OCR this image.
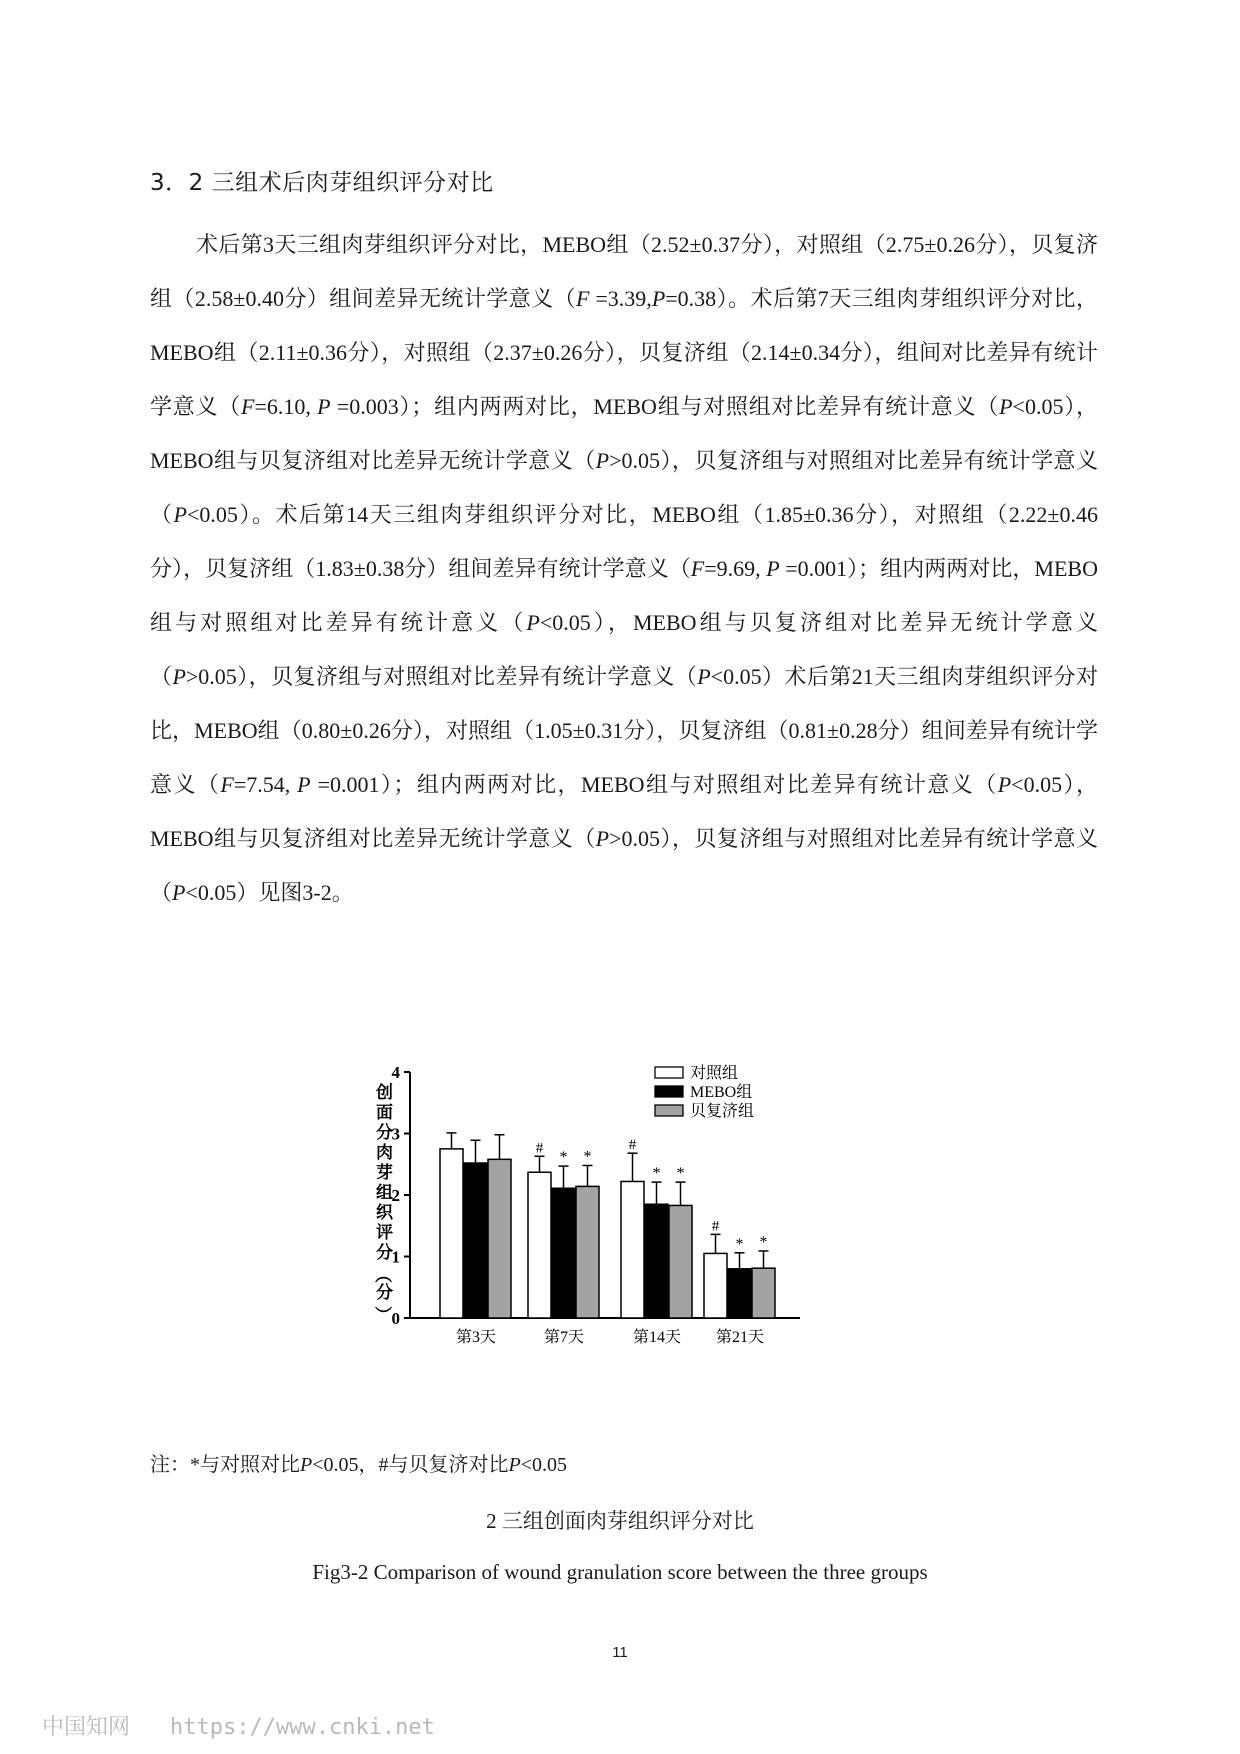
3．2 三组术后肉芽组织评分对比

术后第3天三组肉芽组织评分对比，MEBO组（2.52±0.37分），对照组（2.75±0.26分），贝复济组（2.58±0.40分）组间差异无统计学意义（F =3.39,P=0.38）。术后第7天三组肉芽组织评分对比，MEBO组（2.11±0.36分），对照组（2.37±0.26分），贝复济组（2.14±0.34分），组间对比差异有统计学意义（F=6.10, P =0.003）；组内两两对比，MEBO组与对照组对比差异有统计意义（P<0.05），MEBO组与贝复济组对比差异无统计学意义（P>0.05），贝复济组与对照组对比差异有统计学意义（P<0.05）。术后第14天三组肉芽组织评分对比，MEBO组（1.85±0.36分），对照组（2.22±0.46分），贝复济组（1.83±0.38分）组间差异有统计学意义（F=9.69, P =0.001）；组内两两对比，MEBO组与对照组对比差异有统计意义（P<0.05），MEBO组与贝复济组对比差异无统计学意义（P>0.05），贝复济组与对照组对比差异有统计学意义（P<0.05）术后第21天三组肉芽组织评分对比，MEBO组（0.80±0.26分），对照组（1.05±0.31分），贝复济组（0.81±0.28分）组间差异有统计学意义（F=7.54, P =0.001）；组内两两对比，MEBO组与对照组对比差异有统计意义（P<0.05），MEBO组与贝复济组对比差异无统计学意义（P>0.05），贝复济组与对照组对比差异有统计学意义（P<0.05）见图3-2。

0
1
2
3
4
创
面
分
肉
芽
组
织
评
分
（
分
）
第3天	第7天
#
* *
第14天
#
* *
第21天
#
* *
对照组
MEBO组
贝复济组
注：*与对照对比P<0.05，#与贝复济对比P<0.05
2 三组创面肉芽组织评分对比
Fig3-2 Comparison of wound granulation score between the three groups
11
中国知网 https://www.cnki.net
